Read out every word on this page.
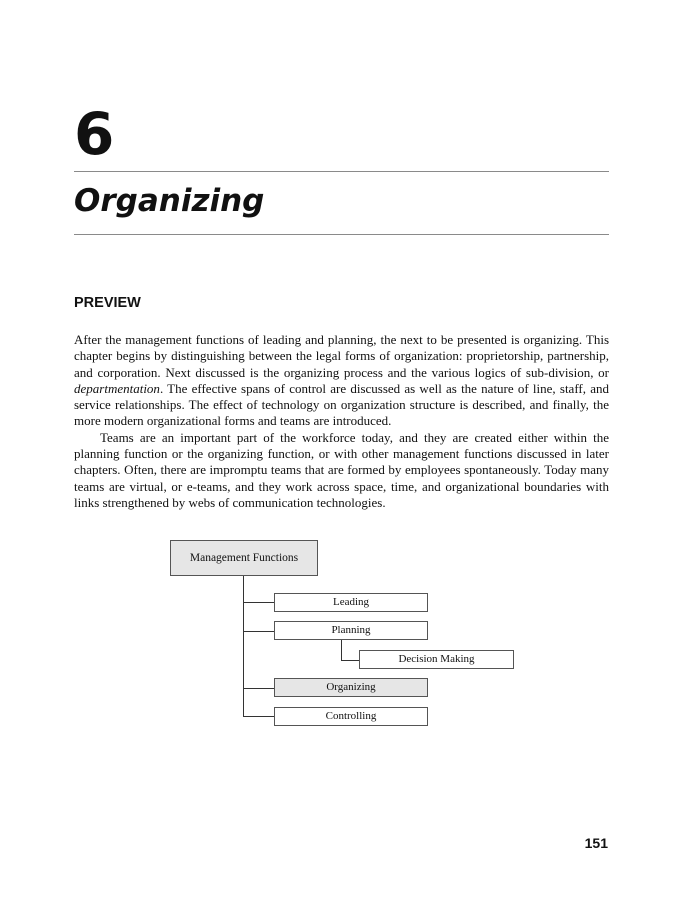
6
Organizing
PREVIEW

After the management functions of leading and planning, the next to be presented is organizing. This chapter begins by distinguishing between the legal forms of organization: proprietorship, partnership, and corporation. Next discussed is the organizing process and the various logics of sub-division, or departmentation. The effective spans of control are discussed as well as the nature of line, staff, and service relationships. The effect of technology on organization structure is described, and finally, the more modern organizational forms and teams are introduced.

Teams are an important part of the workforce today, and they are created either within the planning function or the organizing function, or with other management functions discussed in later chapters. Often, there are impromptu teams that are formed by employees spontaneously. Today many teams are virtual, or e-teams, and they work across space, time, and organizational boundaries with links strengthened by webs of communication technologies.

Management Functions
Leading
Planning
Decision Making
Organizing
Controlling
151
